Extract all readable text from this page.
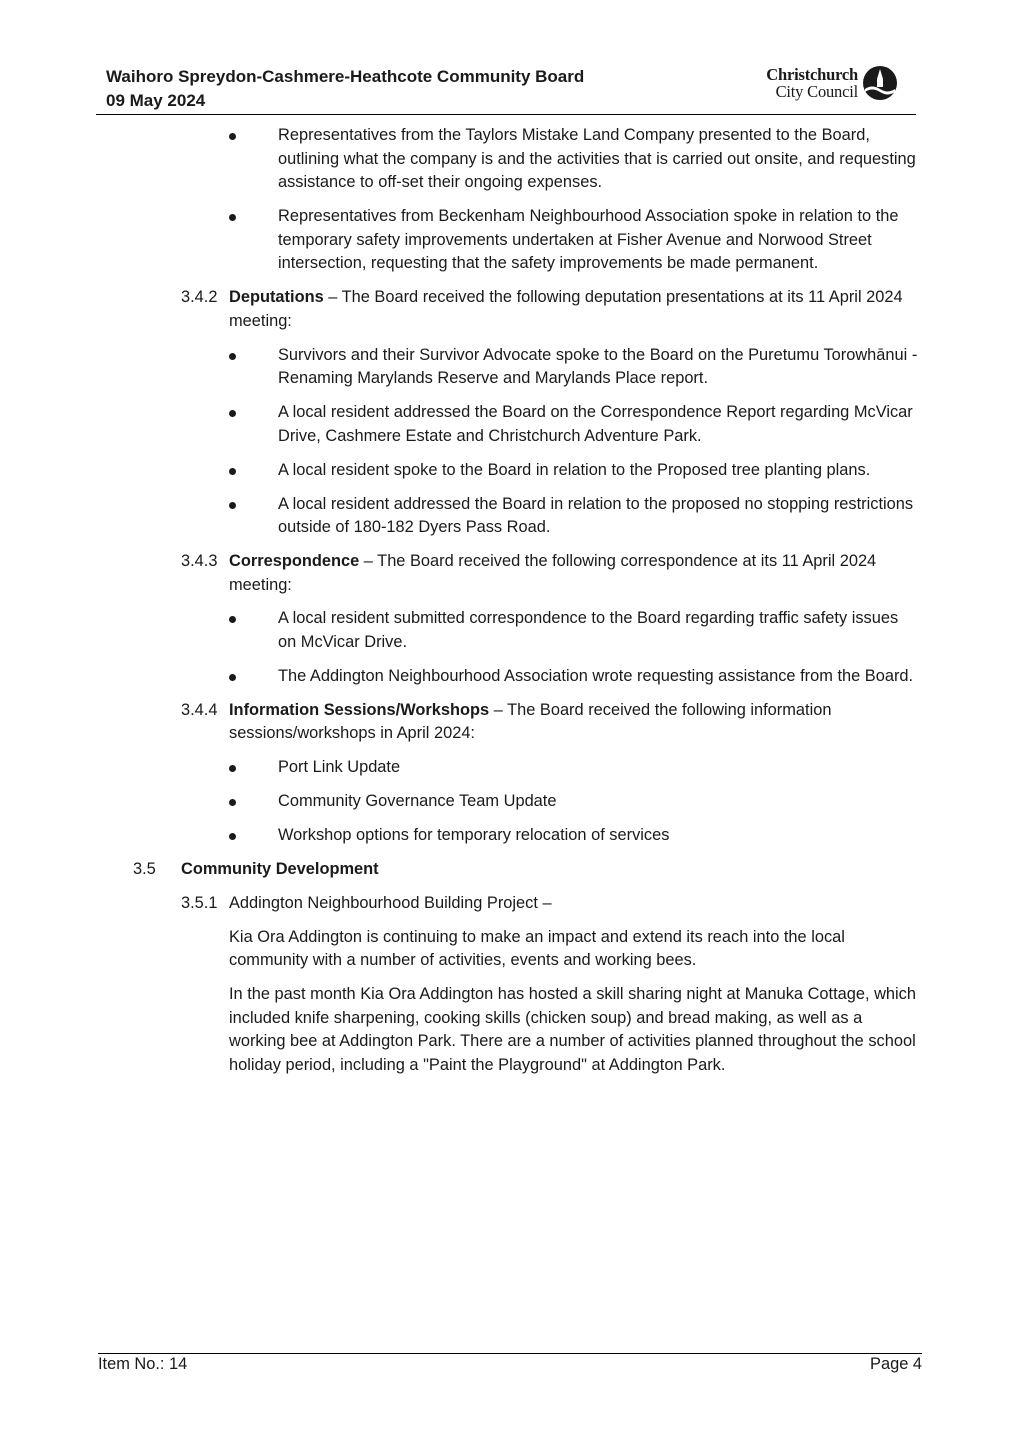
Waihoro Spreydon-Cashmere-Heathcote Community Board
09 May 2024
Christchurch
City Council
Representatives from the Taylors Mistake Land Company presented to the Board, outlining what the company is and the activities that is carried out onsite, and requesting assistance to off-set their ongoing expenses.
Representatives from Beckenham Neighbourhood Association spoke in relation to the temporary safety improvements undertaken at Fisher Avenue and Norwood Street intersection, requesting that the safety improvements be made permanent.
3.4.2 Deputations – The Board received the following deputation presentations at its 11 April 2024 meeting:
Survivors and their Survivor Advocate spoke to the Board on the Puretumu Torowhānui - Renaming Marylands Reserve and Marylands Place report.
A local resident addressed the Board on the Correspondence Report regarding McVicar Drive, Cashmere Estate and Christchurch Adventure Park.
A local resident spoke to the Board in relation to the Proposed tree planting plans.
A local resident addressed the Board in relation to the proposed no stopping restrictions outside of 180-182 Dyers Pass Road.
3.4.3 Correspondence – The Board received the following correspondence at its 11 April 2024 meeting:
A local resident submitted correspondence to the Board regarding traffic safety issues on McVicar Drive.
The Addington Neighbourhood Association wrote requesting assistance from the Board.
3.4.4 Information Sessions/Workshops – The Board received the following information sessions/workshops in April 2024:
Port Link Update
Community Governance Team Update
Workshop options for temporary relocation of services
3.5 Community Development
3.5.1 Addington Neighbourhood Building Project –
Kia Ora Addington is continuing to make an impact and extend its reach into the local community with a number of activities, events and working bees.
In the past month Kia Ora Addington has hosted a skill sharing night at Manuka Cottage, which included knife sharpening, cooking skills (chicken soup) and bread making, as well as a working bee at Addington Park. There are a number of activities planned throughout the school holiday period, including a "Paint the Playground" at Addington Park.
Item No.: 14	Page 4
